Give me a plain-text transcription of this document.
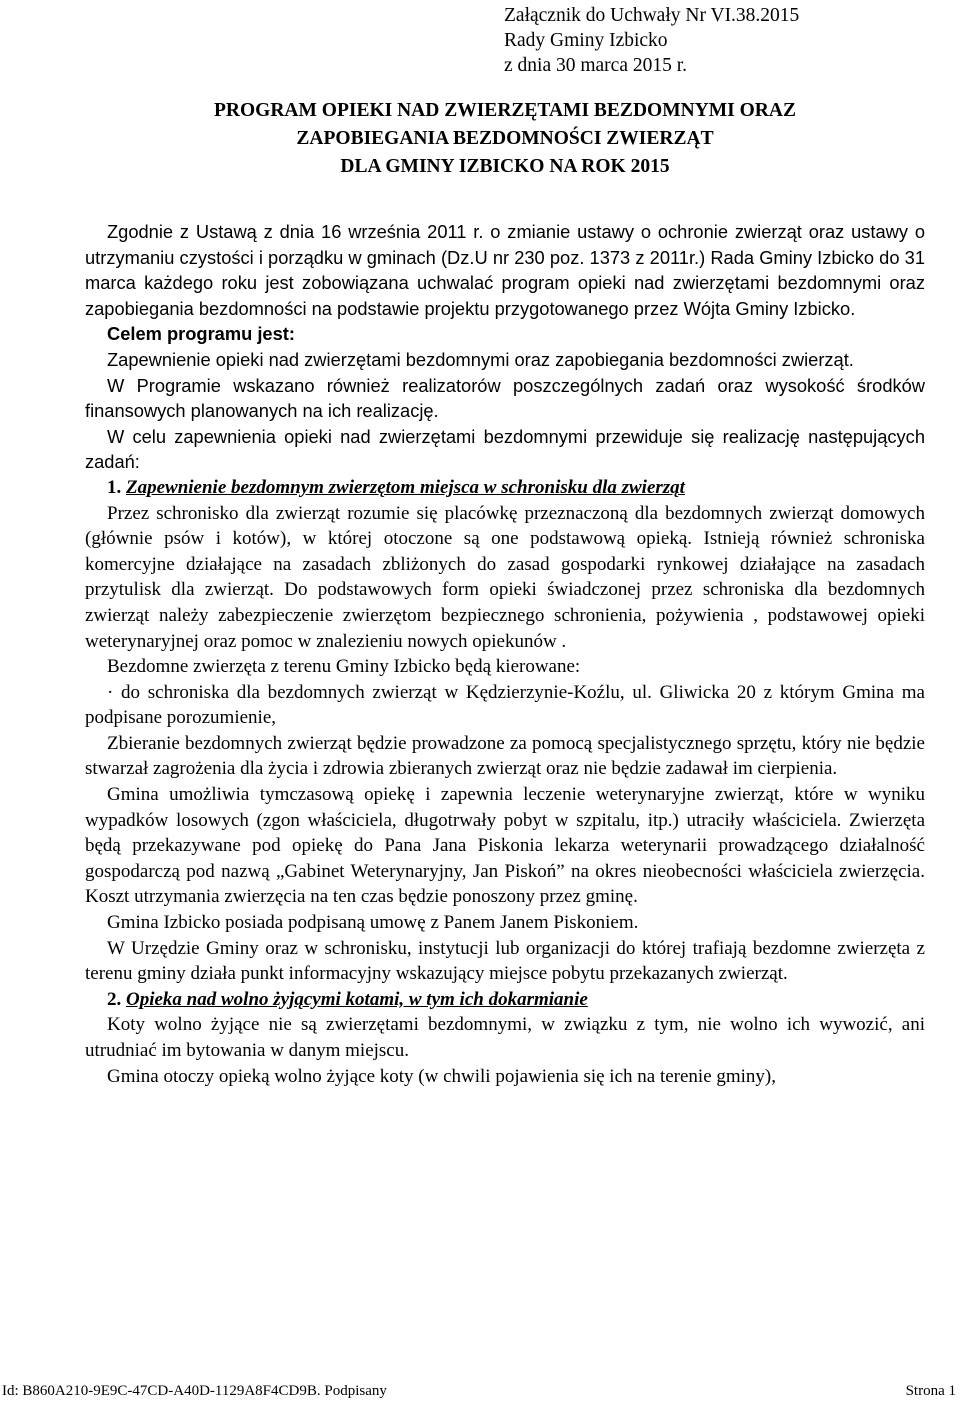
Załącznik do Uchwały Nr VI.38.2015
Rady Gminy Izbicko
z dnia 30 marca 2015 r.
PROGRAM OPIEKI NAD ZWIERZĘTAMI BEZDOMNYMI ORAZ
ZAPOBIEGANIA BEZDOMNOŚCI ZWIERZĄT
DLA GMINY IZBICKO NA ROK 2015

Zgodnie z Ustawą z dnia 16 września 2011 r. o zmianie ustawy o ochronie zwierząt oraz ustawy o utrzymaniu czystości i porządku w gminach (Dz.U nr 230 poz. 1373 z 2011r.) Rada Gminy Izbicko do 31 marca każdego roku jest zobowiązana uchwalać program opieki nad zwierzętami bezdomnymi oraz zapobiegania bezdomności na podstawie projektu przygotowanego przez Wójta Gminy Izbicko.

Celem programu jest:

Zapewnienie opieki nad zwierzętami bezdomnymi oraz zapobiegania bezdomności zwierząt.

W Programie wskazano również realizatorów poszczególnych zadań oraz wysokość środków finansowych planowanych na ich realizację.

W celu zapewnienia opieki nad zwierzętami bezdomnymi przewiduje się realizację następujących zadań:

1. Zapewnienie bezdomnym zwierzętom miejsca w schronisku dla zwierząt

Przez schronisko dla zwierząt rozumie się placówkę przeznaczoną dla bezdomnych zwierząt domowych (głównie psów i kotów), w której otoczone są one podstawową opieką. Istnieją również schroniska komercyjne działające na zasadach zbliżonych do zasad gospodarki rynkowej działające na zasadach przytulisk dla zwierząt. Do podstawowych form opieki świadczonej przez schroniska dla bezdomnych zwierząt należy zabezpieczenie zwierzętom bezpiecznego schronienia, pożywienia , podstawowej opieki weterynaryjnej oraz pomoc w znalezieniu nowych opiekunów .

Bezdomne zwierzęta z terenu Gminy Izbicko będą kierowane:

· do schroniska dla bezdomnych zwierząt w Kędzierzynie-Koźlu, ul. Gliwicka 20 z którym Gmina ma podpisane porozumienie,

Zbieranie bezdomnych zwierząt będzie prowadzone za pomocą specjalistycznego sprzętu, który nie będzie stwarzał zagrożenia dla życia i zdrowia zbieranych zwierząt oraz nie będzie zadawał im cierpienia.

Gmina umożliwia tymczasową opiekę i zapewnia leczenie weterynaryjne zwierząt, które w wyniku wypadków losowych (zgon właściciela, długotrwały pobyt w szpitalu, itp.) utraciły właściciela. Zwierzęta będą przekazywane pod opiekę do Pana Jana Piskonia lekarza weterynarii prowadzącego działalność gospodarczą pod nazwą „Gabinet Weterynaryjny, Jan Piskoń” na okres nieobecności właściciela zwierzęcia. Koszt utrzymania zwierzęcia na ten czas będzie ponoszony przez gminę.

Gmina Izbicko posiada podpisaną umowę z Panem Janem Piskoniem.

W Urzędzie Gminy oraz w schronisku, instytucji lub organizacji do której trafiają bezdomne zwierzęta z terenu gminy działa punkt informacyjny wskazujący miejsce pobytu przekazanych zwierząt.

2. Opieka nad wolno żyjącymi kotami, w tym ich dokarmianie

Koty wolno żyjące nie są zwierzętami bezdomnymi, w związku z tym, nie wolno ich wywozić, ani utrudniać im bytowania w danym miejscu.

Gmina otoczy opieką wolno żyjące koty (w chwili pojawienia się ich na terenie gminy),

Id: B860A210-9E9C-47CD-A40D-1129A8F4CD9B. Podpisany	Strona 1
